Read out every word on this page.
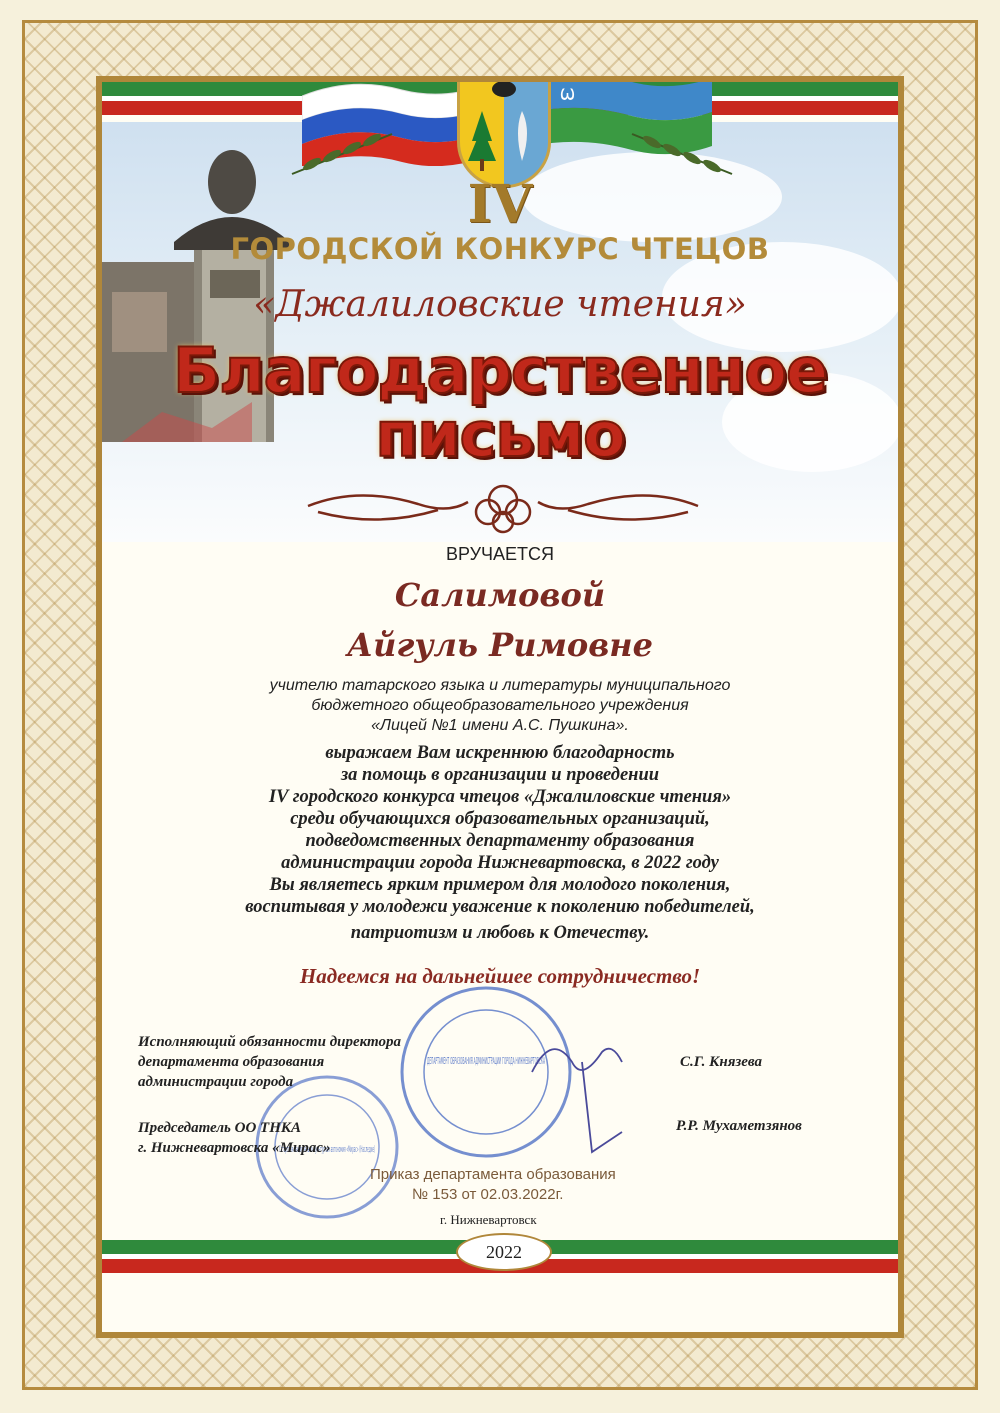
Ѡ
IV
ГОРОДСКОЙ КОНКУРС ЧТЕЦОВ
«Джалиловские чтения»
Благодарственное
письмо
ВРУЧАЕТСЯ
Салимовой
Айгуль Римовне
учителю татарского языка и литературы муниципального
бюджетного общеобразовательного учреждения
«Лицей №1 имени А.С. Пушкина».
выражаем Вам искреннюю благодарность
за помощь в организации и проведении
IV городского конкурса чтецов «Джалиловские чтения»
среди обучающихся образовательных организаций,
подведомственных департаменту образования
администрации города Нижневартовска, в 2022 году
Вы являетесь ярким примером для молодого поколения,
воспитывая у молодежи уважение к поколению победителей,
патриотизм и любовь к Отечеству.
Надеемся на дальнейшее сотрудничество!
ДЕПАРТАМЕНТ ОБРАЗОВАНИЯ АДМИНИСТРАЦИИ ГОРОДА НИЖНЕВАРТОВСКА
Татарская национально-культурная автономия «Мирас» (Наследие)
Исполняющий обязанности директора
департамента образования
администрации города
С.Г. Князева
Председатель ОО ТНКА
г. Нижневартовска «Мирас»
Р.Р. Мухаметзянов
Приказ департамента образования
№ 153 от 02.03.2022г.
г. Нижневартовск
2022
